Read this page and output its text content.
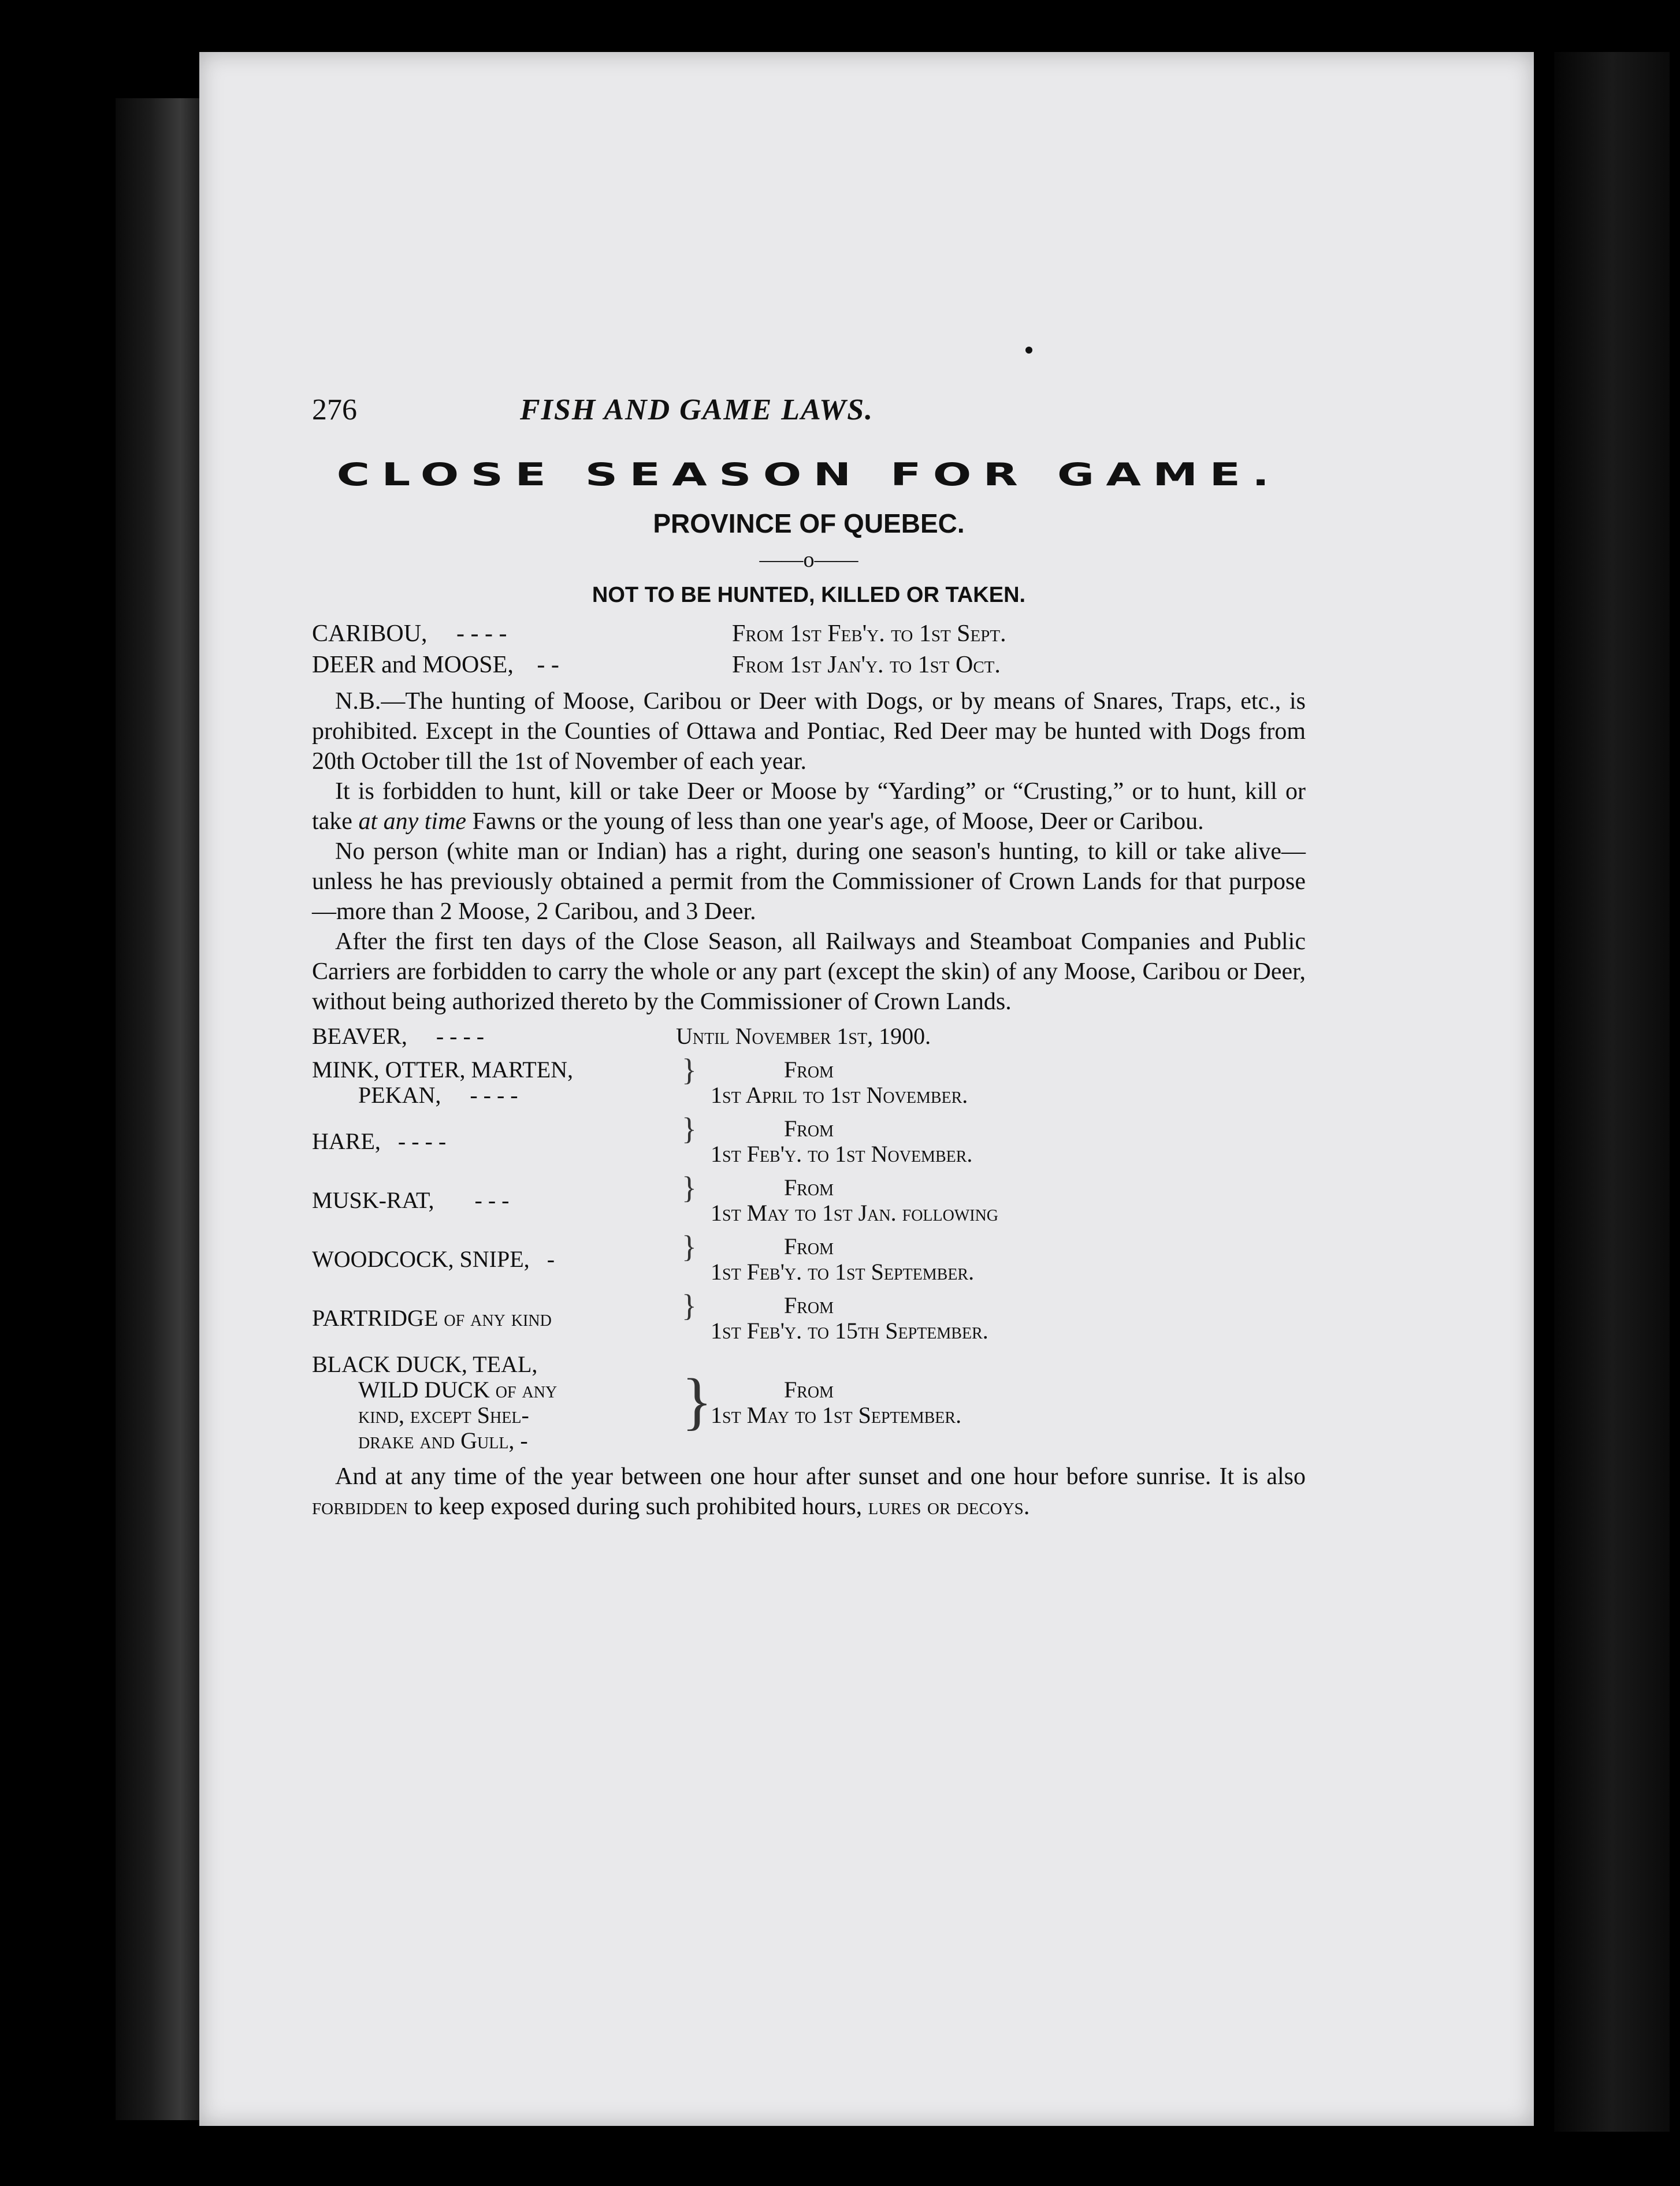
276	FISH AND GAME LAWS.
CLOSE SEASON FOR GAME.
PROVINCE OF QUEBEC.
——o——
NOT TO BE HUNTED, KILLED OR TAKEN.
CARIBOU, - - - -	From 1st Feb'y. to 1st Sept.
DEER and MOOSE, - -	From 1st Jan'y. to 1st Oct.

N.B.—The hunting of Moose, Caribou or Deer with Dogs, or by means of Snares, Traps, etc., is prohibited. Except in the Counties of Ottawa and Pontiac, Red Deer may be hunted with Dogs from 20th October till the 1st of November of each year.

It is forbidden to hunt, kill or take Deer or Moose by “Yarding” or “Crusting,” or to hunt, kill or take at any time Fawns or the young of less than one year's age, of Moose, Deer or Caribou.

No person (white man or Indian) has a right, during one season's hunting, to kill or take alive—unless he has previously obtained a permit from the Commissioner of Crown Lands for that purpose—more than 2 Moose, 2 Caribou, and 3 Deer.

After the first ten days of the Close Season, all Railways and Steamboat Companies and Public Carriers are forbidden to carry the whole or any part (except the skin) of any Moose, Caribou or Deer, without being authorized thereto by the Commissioner of Crown Lands.

BEAVER, - - - -	Until November 1st, 1900.
MINK, OTTER, MARTEN,
PEKAN, - - - -
}	From
1st April to 1st November.
HARE, - - - -	}	From
1st Feb'y. to 1st November.
MUSK-RAT, - - -	}	From
1st May to 1st Jan. following
WOODCOCK, SNIPE, -	}	From
1st Feb'y. to 1st September.
PARTRIDGE of any kind	}	From
1st Feb'y. to 15th September.
BLACK DUCK, TEAL,
WILD DUCK of any
kind, except Shel-
drake and Gull, -
}	From
1st May to 1st September.

And at any time of the year between one hour after sunset and one hour before sunrise. It is also forbidden to keep exposed during such prohibited hours, lures or decoys.
